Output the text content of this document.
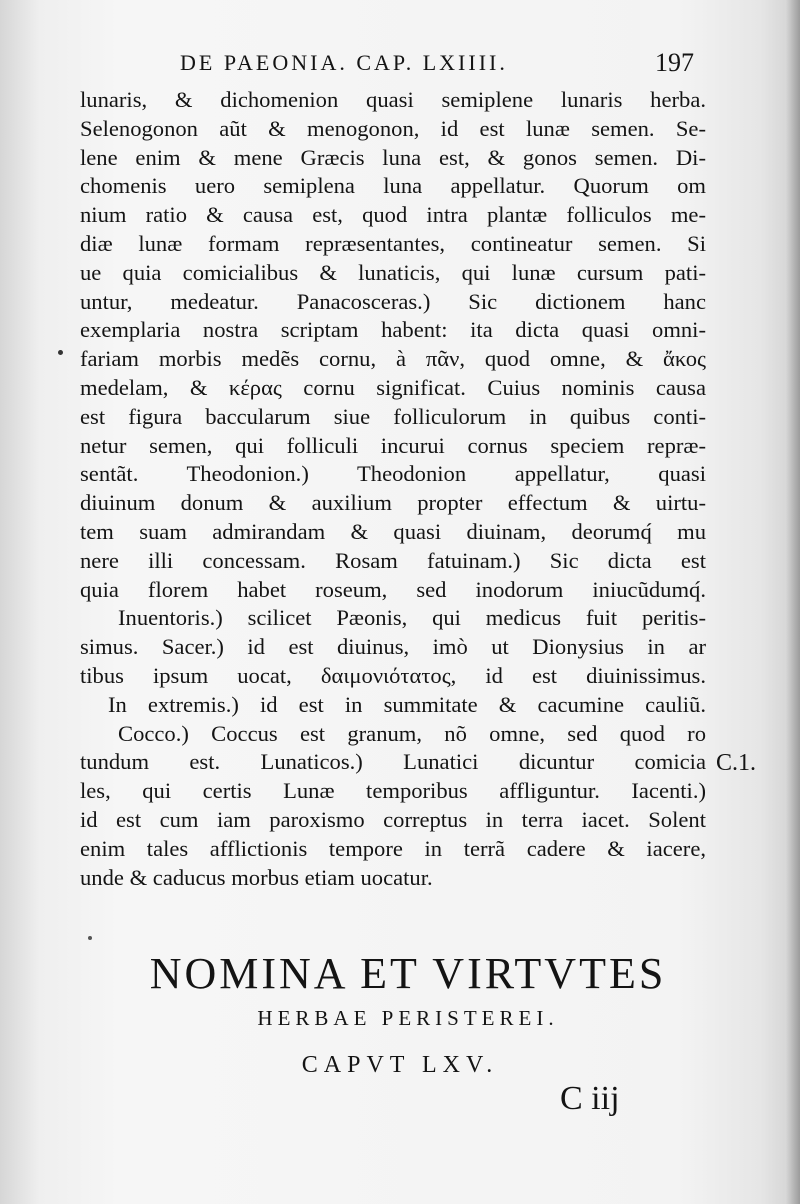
DE PAEONIA. CAP. LXIIII.	197
lunaris, & dichomenion quasi semiplene lunaris herba.
Selenogonon aũt & menogonon, id est lunæ semen. Se-
lene enim & mene Græcis luna est, & gonos semen. Di-
chomenis uero semiplena luna appellatur. Quorum om
nium ratio & causa est, quod intra plantæ folliculos me-
diæ lunæ formam repræsentantes, contineatur semen. Si
ue quia comicialibus & lunaticis, qui lunæ cursum pati-
untur, medeatur. Panacosceras.) Sic dictionem hanc
exemplaria nostra scriptam habent: ita dicta quasi omni-
fariam morbis medẽs cornu, à πᾶν, quod omne, & ἄκος
medelam, & κέρας cornu significat. Cuius nominis causa
est figura baccularum siue folliculorum in quibus conti-
netur semen, qui folliculi incurui cornus speciem repræ-
sentãt. Theodonion.) Theodonion appellatur, quasi
diuinum donum & auxilium propter effectum & uirtu-
tem suam admirandam & quasi diuinam, deorumq́ mu
nere illi concessam. Rosam fatuinam.) Sic dicta est
quia florem habet roseum, sed inodorum iniucũdumq́.
Inuentoris.) scilicet Pæonis, qui medicus fuit peritis-
simus. Sacer.) id est diuinus, imò ut Dionysius in ar
tibus ipsum uocat, δαιμονιότατος, id est diuinissimus.
In extremis.) id est in summitate & cacumine cauliũ.
Cocco.) Coccus est granum, nõ omne, sed quod ro
tundum est. Lunaticos.) Lunatici dicuntur comicia
les, qui certis Lunæ temporibus affliguntur. Iacenti.)
id est cum iam paroxismo correptus in terra iacet. Solent
enim tales afflictionis tempore in terrã cadere & iacere,
unde & caducus morbus etiam uocatur.
C.1.
NOMINA ET VIRTVTES
HERBAE PERISTEREI.
CAPVT LXV.
C iij
